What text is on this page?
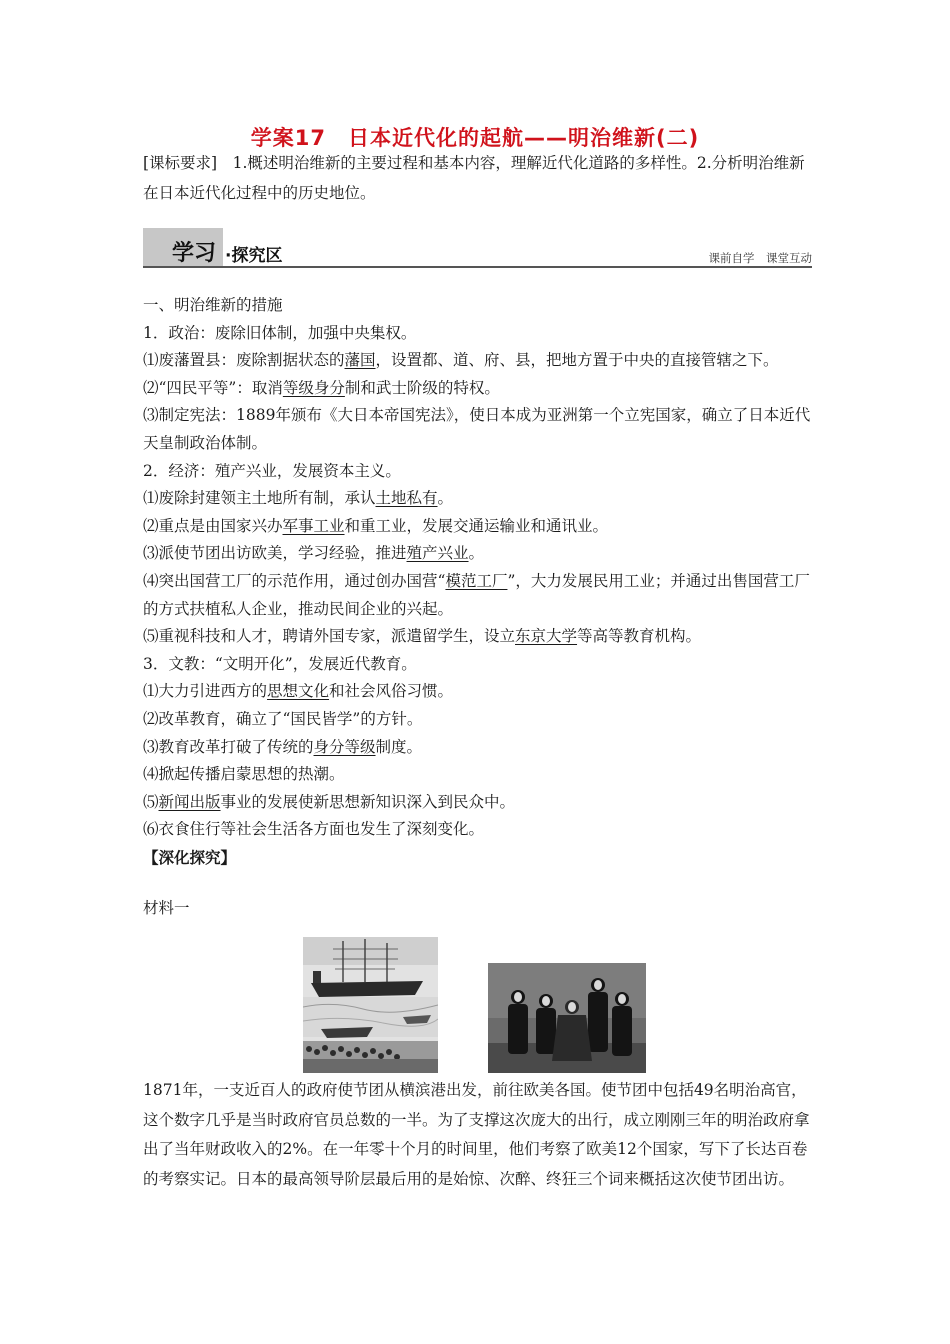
学案17　日本近代化的起航——明治维新(二)
[课标要求]　1.概述明治维新的主要过程和基本内容，理解近代化道路的多样性。2.分析明治维新在日本近代化过程中的历史地位。
学习 ·探究区	课前自学　课堂互动

一、明治维新的措施

1．政治：废除旧体制，加强中央集权。

⑴废藩置县：废除割据状态的藩国，设置都、道、府、县，把地方置于中央的直接管辖之下。

⑵“四民平等”：取消等级身分制和武士阶级的特权。

⑶制定宪法：1889年颁布《大日本帝国宪法》，使日本成为亚洲第一个立宪国家，确立了日本近代天皇制政治体制。

2．经济：殖产兴业，发展资本主义。

⑴废除封建领主土地所有制，承认土地私有。

⑵重点是由国家兴办军事工业和重工业，发展交通运输业和通讯业。

⑶派使节团出访欧美，学习经验，推进殖产兴业。

⑷突出国营工厂的示范作用，通过创办国营“模范工厂”，大力发展民用工业；并通过出售国营工厂的方式扶植私人企业，推动民间企业的兴起。

⑸重视科技和人才，聘请外国专家，派遣留学生，设立东京大学等高等教育机构。

3．文教：“文明开化”，发展近代教育。

⑴大力引进西方的思想文化和社会风俗习惯。

⑵改革教育，确立了“国民皆学”的方针。

⑶教育改革打破了传统的身分等级制度。

⑷掀起传播启蒙思想的热潮。

⑸新闻出版事业的发展使新思想新知识深入到民众中。

⑹衣食住行等社会生活各方面也发生了深刻变化。

【深化探究】

材料一
1871年，一支近百人的政府使节团从横滨港出发，前往欧美各国。使节团中包括49名明治高官，这个数字几乎是当时政府官员总数的一半。为了支撑这次庞大的出行，成立刚刚三年的明治政府拿出了当年财政收入的2%。在一年零十个月的时间里，他们考察了欧美12个国家，写下了长达百卷的考察实记。日本的最高领导阶层最后用的是始惊、次醉、终狂三个词来概括这次使节团出访。
